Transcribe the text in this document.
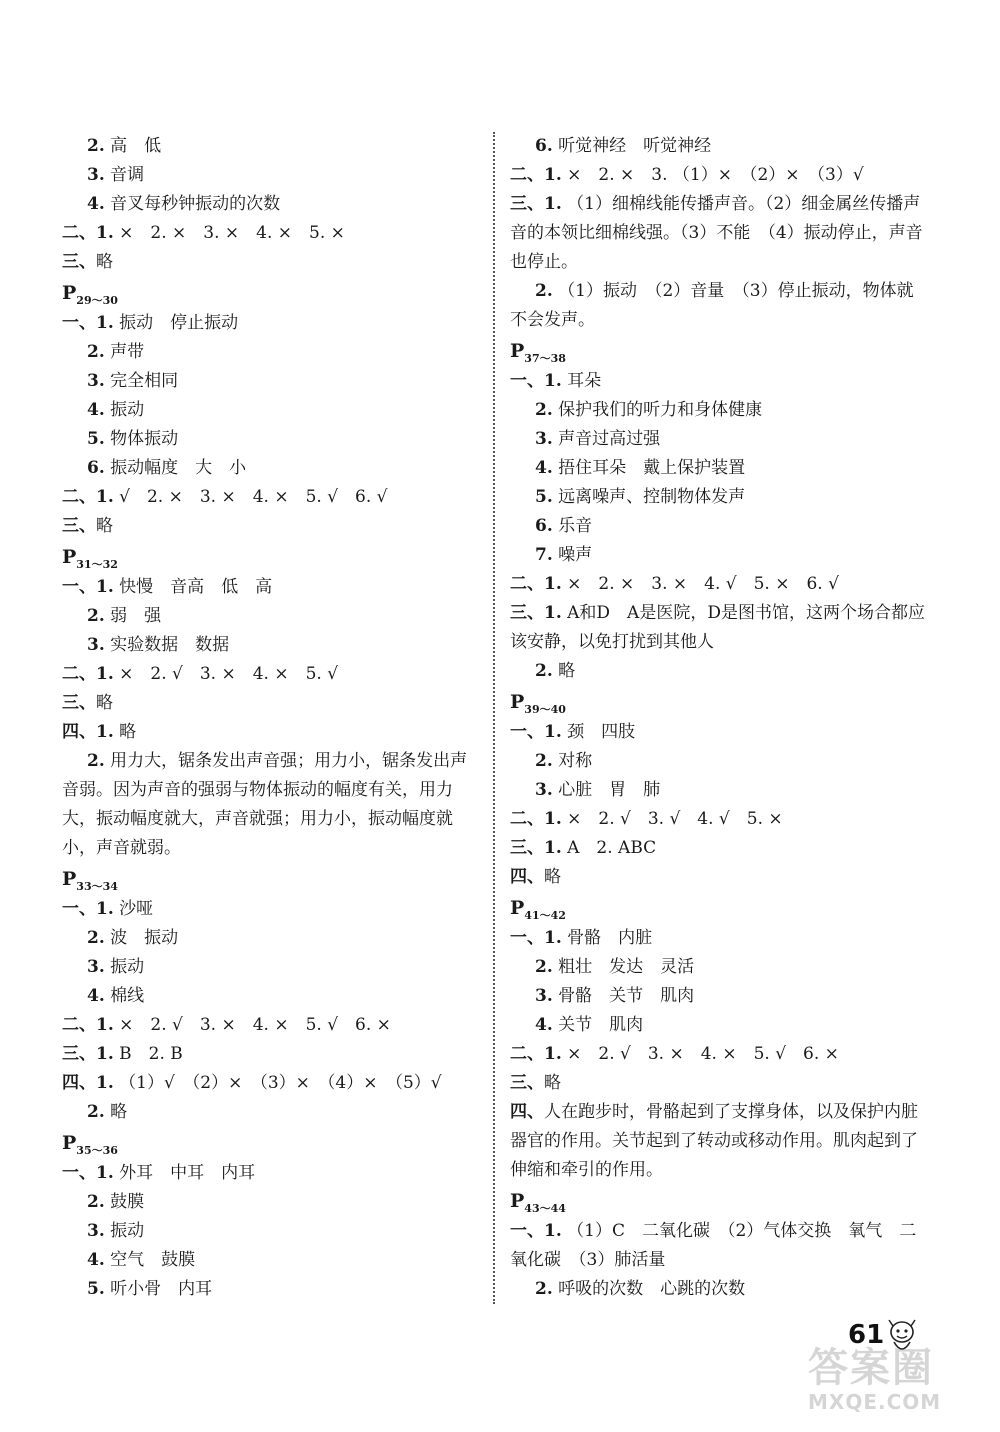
2. 高　低
3. 音调
4. 音叉每秒钟振动的次数
二、1. ×　2. ×　3. ×　4. ×　5. ×
三、略
$P_{29\sim 30}$
一、1. 振动　停止振动
2. 声带
3. 完全相同
4. 振动
5. 物体振动
6. 振动幅度　大　小
二、1. √　2. ×　3. ×　4. ×　5. √　6. √
三、略
$P_{31\sim 32}$
一、1. 快慢　音高　低　高
2. 弱　强
3. 实验数据　数据
二、1. ×　2. √　3. ×　4. ×　5. √
三、略
四、1. 略
2. 用力大，锯条发出声音强；用力小，锯条发出声音弱。因为声音的强弱与物体振动的幅度有关，用力大，振动幅度就大，声音就强；用力小，振动幅度就小，声音就弱。
$P_{33\sim 34}$
一、1. 沙哑
2. 波　振动
3. 振动
4. 棉线
二、1. ×　2. √　3. ×　4. ×　5. √　6. ×
三、1. B　2. B
四、1. （1）√　（2）×　（3）×　（4）×　（5）√
2. 略
$P_{35\sim 36}$
一、1. 外耳　中耳　内耳
2. 鼓膜
3. 振动
4. 空气　鼓膜
5. 听小骨　内耳
6. 听觉神经　听觉神经
二、1. ×　2. ×　3. （1）×　（2）×　（3）√
三、1. （1）细棉线能传播声音。（2）细金属丝传播声音的本领比细棉线强。（3）不能　（4）振动停止，声音也停止。
2. （1）振动　（2）音量　（3）停止振动，物体就不会发声。
$P_{37\sim 38}$
一、1. 耳朵
2. 保护我们的听力和身体健康
3. 声音过高过强
4. 捂住耳朵　戴上保护装置
5. 远离噪声、控制物体发声
6. 乐音
7. 噪声
二、1. ×　2. ×　3. ×　4. √　5. ×　6. √
三、1. A和D　A是医院，D是图书馆，这两个场合都应该安静，以免打扰到其他人
2. 略
$P_{39\sim 40}$
一、1. 颈　四肢
2. 对称
3. 心脏　胃　肺
二、1. ×　2. √　3. √　4. √　5. ×
三、1. A　2. ABC
四、略
$P_{41\sim 42}$
一、1. 骨骼　内脏
2. 粗壮　发达　灵活
3. 骨骼　关节　肌肉
4. 关节　肌肉
二、1. ×　2. √　3. ×　4. ×　5. √　6. ×
三、略
四、人在跑步时，骨骼起到了支撑身体，以及保护内脏器官的作用。关节起到了转动或移动作用。肌肉起到了伸缩和牵引的作用。
$P_{43\sim 44}$
一、1. （1）C　二氧化碳　（2）气体交换　氧气　二氧化碳　（3）肺活量
2. 呼吸的次数　心跳的次数
61
答案圈
MXQE.COM
